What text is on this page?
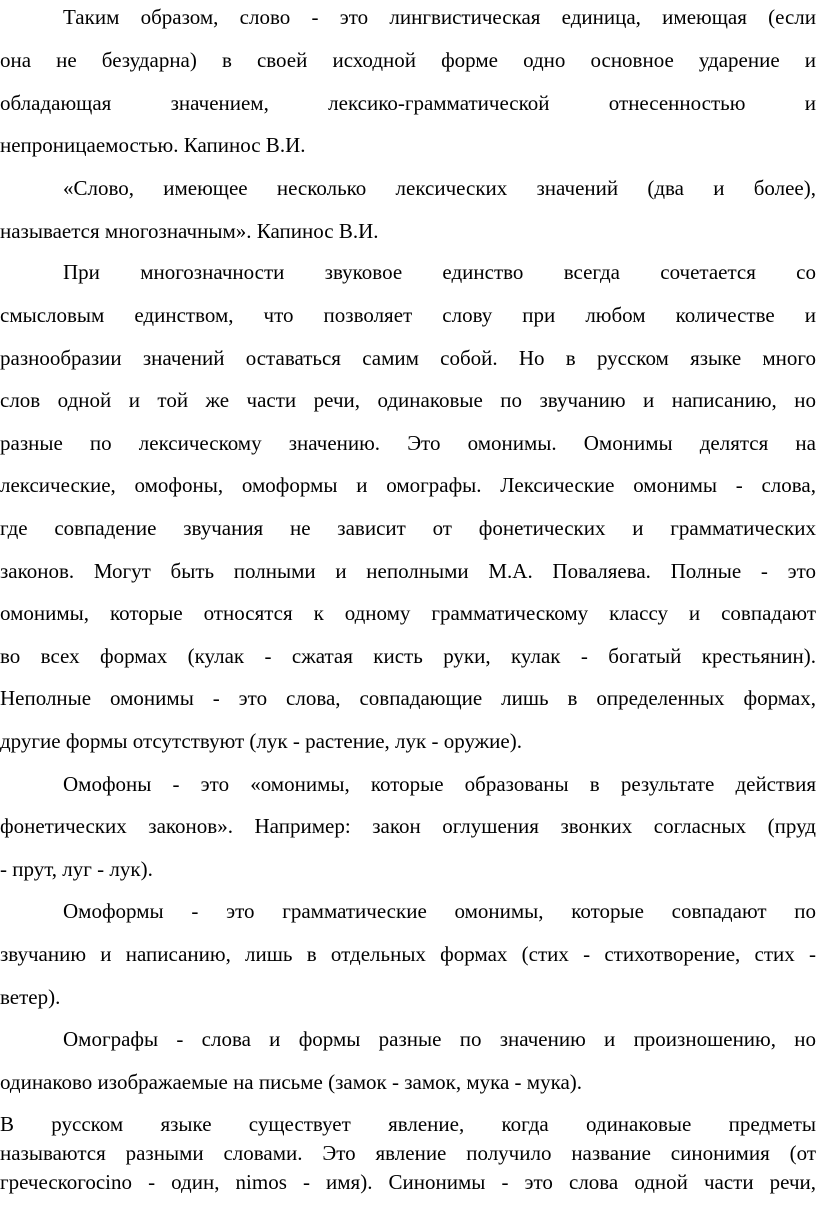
Таким образом, слово - это лингвистическая единица, имеющая (если

она не безударна) в своей исходной форме одно основное ударение и

обладающая значением, лексико-грамматической отнесенностью и

непроницаемостью. Капинос В.И.

«Слово, имеющее несколько лексических значений (два и более),

называется многозначным». Капинос В.И.

При многозначности звуковое единство всегда сочетается со

смысловым единством, что позволяет слову при любом количестве и

разнообразии значений оставаться самим собой. Но в русском языке много

слов одной и той же части речи, одинаковые по звучанию и написанию, но

разные по лексическому значению. Это омонимы. Омонимы делятся на

лексические, омофоны, омоформы и омографы. Лексические омонимы - слова,

где совпадение звучания не зависит от фонетических и грамматических

законов. Могут быть полными и неполными М.А. Поваляева. Полные - это

омонимы, которые относятся к одному грамматическому классу и совпадают

во всех формах (кулак - сжатая кисть руки, кулак - богатый крестьянин).

Неполные омонимы - это слова, совпадающие лишь в определенных формах,

другие формы отсутствуют (лук - растение, лук - оружие).

Омофоны - это «омонимы, которые образованы в результате действия

фонетических законов». Например: закон оглушения звонких согласных (пруд

- прут, луг - лук).

Омоформы - это грамматические омонимы, которые совпадают по

звучанию и написанию, лишь в отдельных формах (стих - стихотворение, стих -

ветер).

Омографы - слова и формы разные по значению и произношению, но

одинаково изображаемые на письме (замок - замок, мука - мука).

В русском языке существует явление, когда одинаковые предметы

называются разными словами. Это явление получило название синонимия (от

греческогоcino - один, nimos - имя). Синонимы - это слова одной части речи,
